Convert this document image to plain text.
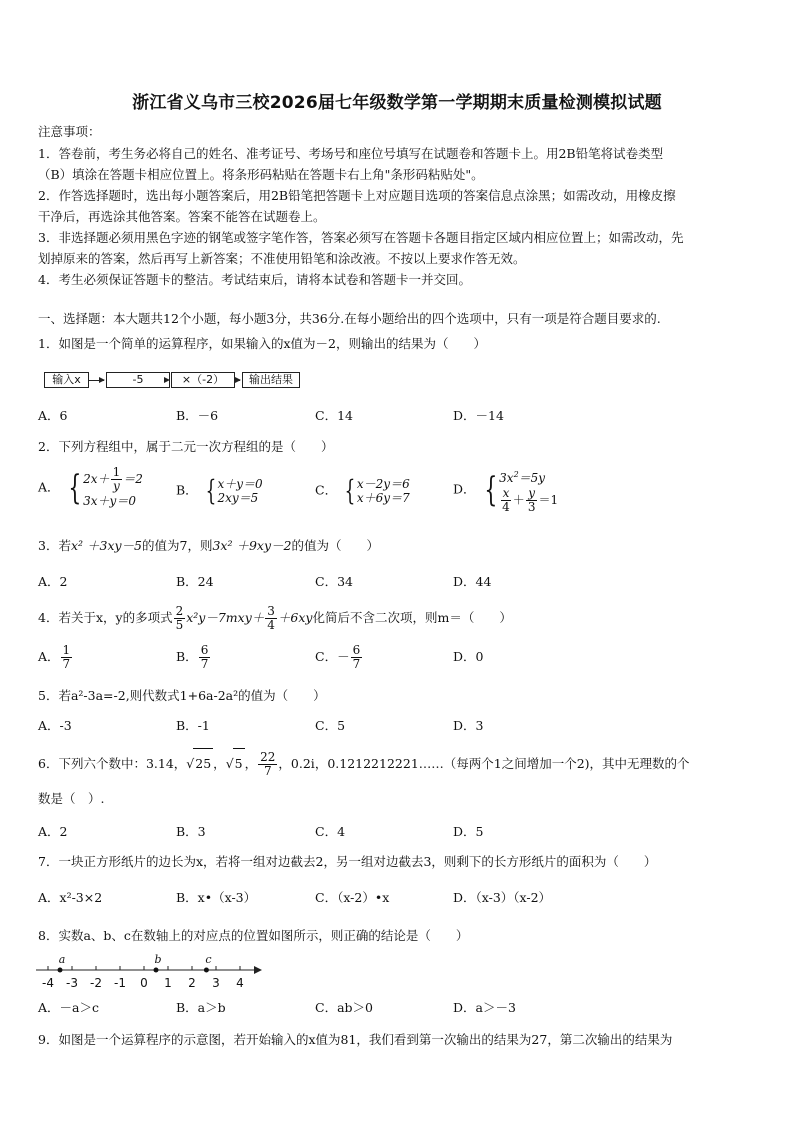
浙江省义乌市三校2026届七年级数学第一学期期末质量检测模拟试题
注意事项：
1．答卷前，考生务必将自己的姓名、准考证号、考场号和座位号填写在试题卷和答题卡上。用2B铅笔将试卷类型
（B）填涂在答题卡相应位置上。将条形码粘贴在答题卡右上角"条形码粘贴处"。
2．作答选择题时，选出每小题答案后，用2B铅笔把答题卡上对应题目选项的答案信息点涂黑；如需改动，用橡皮擦
干净后，再选涂其他答案。答案不能答在试题卷上。
3．非选择题必须用黑色字迹的钢笔或签字笔作答，答案必须写在答题卡各题目指定区域内相应位置上；如需改动，先
划掉原来的答案，然后再写上新答案；不准使用铅笔和涂改液。不按以上要求作答无效。
4．考生必须保证答题卡的整洁。考试结束后，请将本试卷和答题卡一并交回。
一、选择题：本大题共12个小题，每小题3分，共36分.在每小题给出的四个选项中，只有一项是符合题目要求的.
1．如图是一个简单的运算程序，如果输入的x值为－2，则输出的结果为（　　）
输入x	-5	×（-2）	输出结果
A．6	B．－6	C．14	D．－14
2．下列方程组中，属于二元一次方程组的是（　　）
A． { $2x+ \frac{1}{y} =2$
3x＋y＝0
B． { x＋y＝0
2xy＝5
C． { x－2y＝6
x＋6y＝7
D． { $3x^2=5y$
$\frac{x}{4} + \frac{y}{3} =1$
3．若x² ＋3xy－5的值为7，则3x² ＋9xy－2的值为（　　）
A．2	B．24	C．34	D．44
4．若关于x，y的多项式 $\frac{2}{5} x^2y-7mxy+ \frac{3}{4} +6xy$化简后不含二次项，则m＝（　　）
A． $\frac{1}{7}$	B． $\frac{6}{7}$	C．－ $\frac{6}{7}$	D．0
5．若a²-3a=-2,则代数式1+6a-2a²的值为（　　）
A．-3	B．-1	C．5	D．3
6．下列六个数中：3.14，√25 ，√5 ， $\frac{22}{7}$ ，0.2i，0.1212212221……（每两个1之间增加一个2)，其中无理数的个
数是（　）.
A．2	B．3	C．4	D．5
7．一块正方形纸片的边长为x，若将一组对边截去2，另一组对边截去3，则剩下的长方形纸片的面积为（　　）
A．x²-3×2	B．x•（x-3）	C．（x-2）•x	D．（x-3）（x-2）
8．实数a、b、c在数轴上的对应点的位置如图所示，则正确的结论是（　　）
-4 -3 -2 -1 0 1 2 3 4
a	b	c
A．－a＞c	B．a＞b	C．ab＞0	D．a＞－3
9．如图是一个运算程序的示意图，若开始输入的x值为81，我们看到第一次输出的结果为27，第二次输出的结果为
